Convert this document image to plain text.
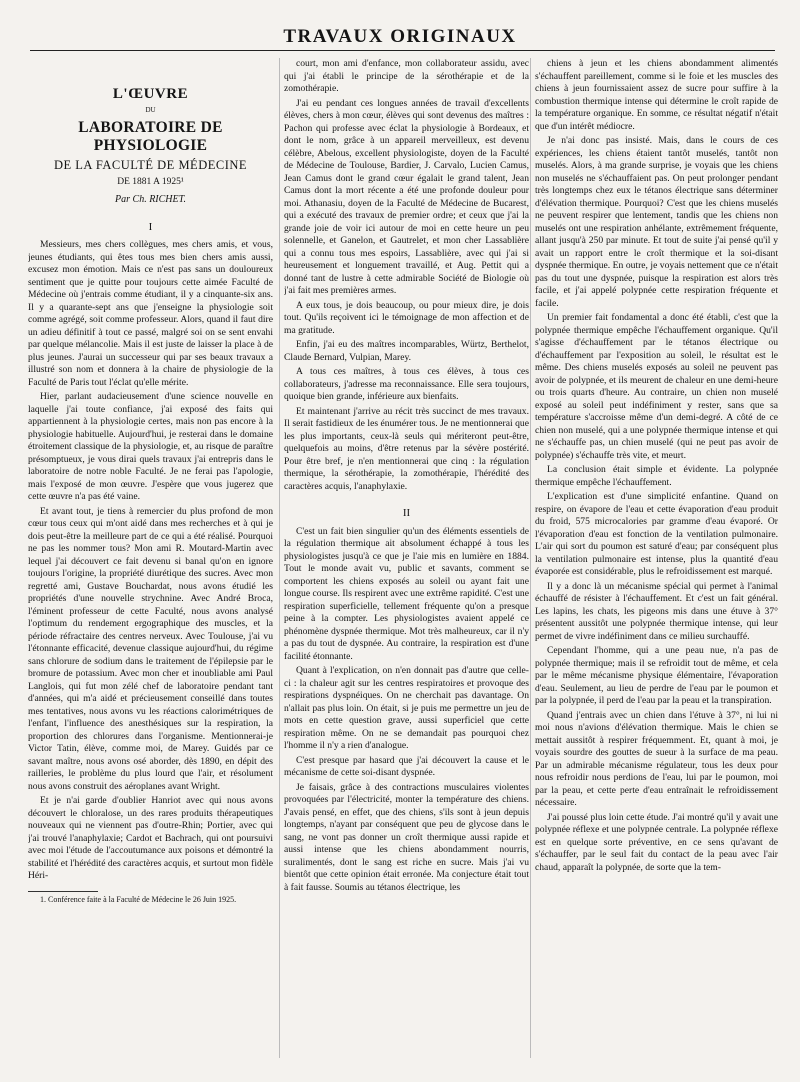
TRAVAUX ORIGINAUX
L'ŒUVRE
DU
LABORATOIRE DE PHYSIOLOGIE
DE LA FACULTÉ DE MÉDECINE
DE 1881 A 1925¹
Par Ch. RICHET.
I

Messieurs, mes chers collègues, mes chers amis, et vous, jeunes étudiants, qui êtes tous mes bien chers amis aussi, excusez mon émotion. Mais ce n'est pas sans un douloureux sentiment que je quitte pour toujours cette aimée Faculté de Médecine où j'entrais comme étudiant, il y a cinquante-six ans. Il y a quarante-sept ans que j'enseigne la physiologie soit comme agrégé, soit comme professeur. Alors, quand il faut dire un adieu définitif à tout ce passé, malgré soi on se sent envahi par quelque mélancolie. Mais il est juste de laisser la place à de plus jeunes. J'aurai un successeur qui par ses beaux travaux a illustré son nom et donnera à la chaire de physiologie de la Faculté de Paris tout l'éclat qu'elle mérite.

Hier, parlant audacieusement d'une science nouvelle en laquelle j'ai toute confiance, j'ai exposé des faits qui appartiennent à la physiologie certes, mais non pas encore à la physiologie habituelle. Aujourd'hui, je resterai dans le domaine étroitement classique de la physiologie, et, au risque de paraître présomptueux, je vous dirai quels travaux j'ai entrepris dans le laboratoire de notre noble Faculté. Je ne ferai pas l'apologie, mais l'exposé de mon œuvre. J'espère que vous jugerez que cette œuvre n'a pas été vaine.

Et avant tout, je tiens à remercier du plus profond de mon cœur tous ceux qui m'ont aidé dans mes recherches et à qui je dois peut-être la meilleure part de ce qui a été réalisé. Pourquoi ne pas les nommer tous? Mon ami R. Moutard-Martin avec lequel j'ai découvert ce fait devenu si banal qu'on en ignore toujours l'origine, la propriété diurétique des sucres. Avec mon regretté ami, Gustave Bouchardat, nous avons étudié les propriétés d'une nouvelle strychnine. Avec André Broca, l'éminent professeur de cette Faculté, nous avons analysé l'optimum du rendement ergographique des muscles, et la période réfractaire des centres nerveux. Avec Toulouse, j'ai vu l'étonnante efficacité, devenue classique aujourd'hui, du régime sans chlorure de sodium dans le traitement de l'épilepsie par le bromure de potassium. Avec mon cher et inoubliable ami Paul Langlois, qui fut mon zélé chef de laboratoire pendant tant d'années, qui m'a aidé et précieusement conseillé dans toutes mes tentatives, nous avons vu les réactions calorimétriques de l'enfant, l'influence des anesthésiques sur la respiration, la proportion des chlorures dans l'organisme. Mentionnerai-je Victor Tatin, élève, comme moi, de Marey. Guidés par ce savant maître, nous avons osé aborder, dès 1890, en dépit des railleries, le problème du plus lourd que l'air, et résolument nous avons construit des aéroplanes avant Wright.

Et je n'ai garde d'oublier Hanriot avec qui nous avons découvert le chloralose, un des rares produits thérapeutiques nouveaux qui ne viennent pas d'outre-Rhin; Portier, avec qui j'ai trouvé l'anaphylaxie; Cardot et Bachrach, qui ont poursuivi avec moi l'étude de l'accoutumance aux poisons et démontré la stabilité et l'hérédité des caractères acquis, et surtout mon fidèle Héri-

1. Conférence faite à la Faculté de Médecine le 26 Juin 1925.

court, mon ami d'enfance, mon collaborateur assidu, avec qui j'ai établi le principe de la sérothérapie et de la zomothérapie.

J'ai eu pendant ces longues années de travail d'excellents élèves, chers à mon cœur, élèves qui sont devenus des maîtres : Pachon qui professe avec éclat la physiologie à Bordeaux, et dont le nom, grâce à un appareil merveilleux, est devenu célèbre, Abelous, excellent physiologiste, doyen de la Faculté de Médecine de Toulouse, Bardier, J. Carvalo, Lucien Camus, Jean Camus dont le grand cœur égalait le grand talent, Jean Camus dont la mort récente a été une profonde douleur pour moi. Athanasiu, doyen de la Faculté de Médecine de Bucarest, qui a exécuté des travaux de premier ordre; et ceux que j'ai la grande joie de voir ici autour de moi en cette heure un peu solennelle, et Ganelon, et Gautrelet, et mon cher Lassablière qui a connu tous mes espoirs, Lassablière, avec qui j'ai si heureusement et longuement travaillé, et Aug. Pettit qui a donné tant de lustre à cette admirable Société de Biologie où j'ai fait mes premières armes.

A eux tous, je dois beaucoup, ou pour mieux dire, je dois tout. Qu'ils reçoivent ici le témoignage de mon affection et de ma gratitude.

Enfin, j'ai eu des maîtres incomparables, Würtz, Berthelot, Claude Bernard, Vulpian, Marey.

A tous ces maîtres, à tous ces élèves, à tous ces collaborateurs, j'adresse ma reconnaissance. Elle sera toujours, quoique bien grande, inférieure aux bienfaits.

Et maintenant j'arrive au récit très succinct de mes travaux. Il serait fastidieux de les énumérer tous. Je ne mentionnerai que les plus importants, ceux-là seuls qui mériteront peut-être, quelquefois au moins, d'être retenus par la sévère postérité. Pour être bref, je n'en mentionnerai que cinq : la régulation thermique, la sérothérapie, la zomothérapie, l'hérédité des caractères acquis, l'anaphylaxie.

II

C'est un fait bien singulier qu'un des éléments essentiels de la régulation thermique ait absolument échappé à tous les physiologistes jusqu'à ce que je l'aie mis en lumière en 1884. Tout le monde avait vu, public et savants, comment se comportent les chiens exposés au soleil ou ayant fait une longue course. Ils respirent avec une extrême rapidité. C'est une respiration superficielle, tellement fréquente qu'on a presque peine à la compter. Les physiologistes avaient appelé ce phénomène dyspnée thermique. Mot très malheureux, car il n'y a pas du tout de dyspnée. Au contraire, la respiration est d'une facilité étonnante.

Quant à l'explication, on n'en donnait pas d'autre que celle-ci : la chaleur agit sur les centres respiratoires et provoque des respirations dyspnéiques. On ne cherchait pas davantage. On n'allait pas plus loin. On était, si je puis me permettre un jeu de mots en cette question grave, aussi superficiel que cette respiration même. On ne se demandait pas pourquoi chez l'homme il n'y a rien d'analogue.

C'est presque par hasard que j'ai découvert la cause et le mécanisme de cette soi-disant dyspnée.

Je faisais, grâce à des contractions musculaires violentes provoquées par l'électricité, monter la température des chiens. J'avais pensé, en effet, que des chiens, s'ils sont à jeun depuis longtemps, n'ayant par conséquent que peu de glycose dans le sang, ne vont pas donner un croît thermique aussi rapide et aussi intense que les chiens abondamment nourris, suralimentés, dont le sang est riche en sucre. Mais j'ai vu bientôt que cette opinion était erronée. Ma conjecture était tout à fait fausse. Soumis au tétanos électrique, les

chiens à jeun et les chiens abondamment alimentés s'échauffent pareillement, comme si le foie et les muscles des chiens à jeun fournissaient assez de sucre pour suffire à la combustion thermique intense qui détermine le croît rapide de la température organique. En somme, ce résultat négatif n'était que d'un intérêt médiocre.

Je n'ai donc pas insisté. Mais, dans le cours de ces expériences, les chiens étaient tantôt muselés, tantôt non muselés. Alors, à ma grande surprise, je voyais que les chiens non muselés ne s'échauffaient pas. On peut prolonger pendant très longtemps chez eux le tétanos électrique sans déterminer d'élévation thermique. Pourquoi? C'est que les chiens muselés ne peuvent respirer que lentement, tandis que les chiens non muselés ont une respiration anhélante, extrêmement fréquente, allant jusqu'à 250 par minute. Et tout de suite j'ai pensé qu'il y avait un rapport entre le croît thermique et la soi-disant dyspnée thermique. En outre, je voyais nettement que ce n'était pas du tout une dyspnée, puisque la respiration est alors très facile, et j'ai appelé polypnée cette respiration fréquente et facile.

Un premier fait fondamental a donc été établi, c'est que la polypnée thermique empêche l'échauffement organique. Qu'il s'agisse d'échauffement par le tétanos électrique ou d'échauffement par l'exposition au soleil, le résultat est le même. Des chiens muselés exposés au soleil ne peuvent pas avoir de polypnée, et ils meurent de chaleur en une demi-heure ou trois quarts d'heure. Au contraire, un chien non muselé exposé au soleil peut indéfiniment y rester, sans que sa température s'accroisse même d'un demi-degré. A côté de ce chien non muselé, qui a une polypnée thermique intense et qui ne s'échauffe pas, un chien muselé (qui ne peut pas avoir de polypnée) s'échauffe très vite, et meurt.

La conclusion était simple et évidente. La polypnée thermique empêche l'échauffement.

L'explication est d'une simplicité enfantine. Quand on respire, on évapore de l'eau et cette évaporation d'eau produit du froid, 575 microcalories par gramme d'eau évaporé. Or l'évaporation d'eau est fonction de la ventilation pulmonaire. L'air qui sort du poumon est saturé d'eau; par conséquent plus la ventilation pulmonaire est intense, plus la quantité d'eau évaporée est considérable, plus le refroidissement est marqué.

Il y a donc là un mécanisme spécial qui permet à l'animal échauffé de résister à l'échauffement. Et c'est un fait général. Les lapins, les chats, les pigeons mis dans une étuve à 37° présentent aussitôt une polypnée thermique intense, qui leur permet de vivre indéfiniment dans ce milieu surchauffé.

Cependant l'homme, qui a une peau nue, n'a pas de polypnée thermique; mais il se refroidit tout de même, et cela par le même mécanisme physique élémentaire, l'évaporation d'eau. Seulement, au lieu de perdre de l'eau par le poumon et par la polypnée, il perd de l'eau par la peau et la transpiration.

Quand j'entrais avec un chien dans l'étuve à 37°, ni lui ni moi nous n'avions d'élévation thermique. Mais le chien se mettait aussitôt à respirer fréquemment. Et, quant à moi, je voyais sourdre des gouttes de sueur à la surface de ma peau. Par un admirable mécanisme régulateur, tous les deux pour nous refroidir nous perdions de l'eau, lui par le poumon, moi par la peau, et cette perte d'eau entraînait le refroidissement nécessaire.

J'ai poussé plus loin cette étude. J'ai montré qu'il y avait une polypnée réflexe et une polypnée centrale. La polypnée réflexe est en quelque sorte préventive, en ce sens qu'avant de s'échauffer, par le seul fait du contact de la peau avec l'air chaud, apparaît la polypnée, de sorte que la tem-
